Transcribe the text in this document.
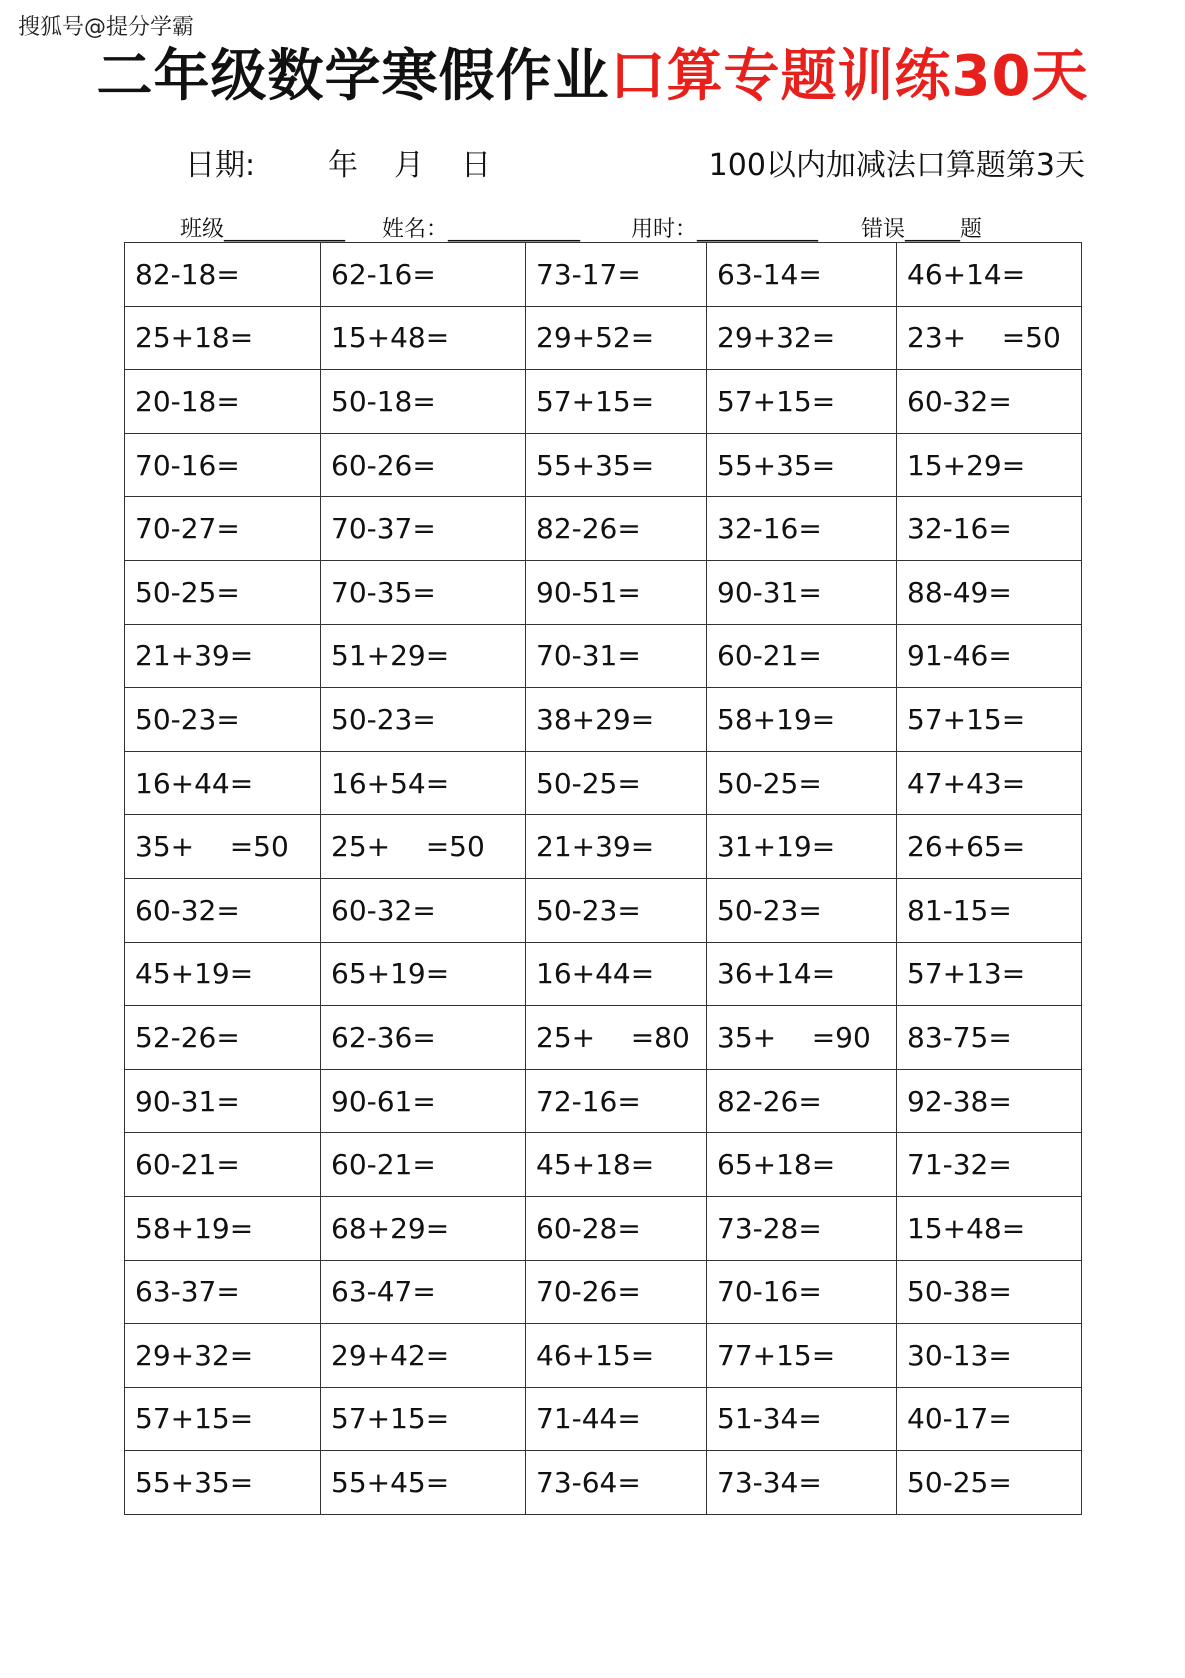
搜狐号@提分学霸
二年级数学寒假作业口算专题训练30天
日期: 年 月 日	100以内加减法口算题第3天
班级___________ 姓名：____________ 用时：___________ 错误_____题
82-18=	62-16=	73-17=	63-14=	46+14=
25+18=	15+48=	29+52=	29+32=	23+    =50
20-18=	50-18=	57+15=	57+15=	60-32=
70-16=	60-26=	55+35=	55+35=	15+29=
70-27=	70-37=	82-26=	32-16=	32-16=
50-25=	70-35=	90-51=	90-31=	88-49=
21+39=	51+29=	70-31=	60-21=	91-46=
50-23=	50-23=	38+29=	58+19=	57+15=
16+44=	16+54=	50-25=	50-25=	47+43=
35+    =50	25+    =50	21+39=	31+19=	26+65=
60-32=	60-32=	50-23=	50-23=	81-15=
45+19=	65+19=	16+44=	36+14=	57+13=
52-26=	62-36=	25+    =80	35+    =90	83-75=
90-31=	90-61=	72-16=	82-26=	92-38=
60-21=	60-21=	45+18=	65+18=	71-32=
58+19=	68+29=	60-28=	73-28=	15+48=
63-37=	63-47=	70-26=	70-16=	50-38=
29+32=	29+42=	46+15=	77+15=	30-13=
57+15=	57+15=	71-44=	51-34=	40-17=
55+35=	55+45=	73-64=	73-34=	50-25=
